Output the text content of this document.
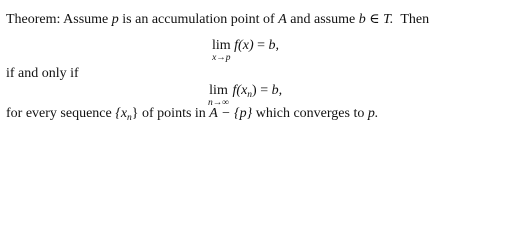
Theorem: Assume p is an accumulation point of A and assume b ∈ T. Then
lim
x→p
f(x) = b,
if and only if
lim
n→∞
$f(x_n) = b$,
for every sequence $\{x_n\}$ of points in A − {p} which converges to p.
